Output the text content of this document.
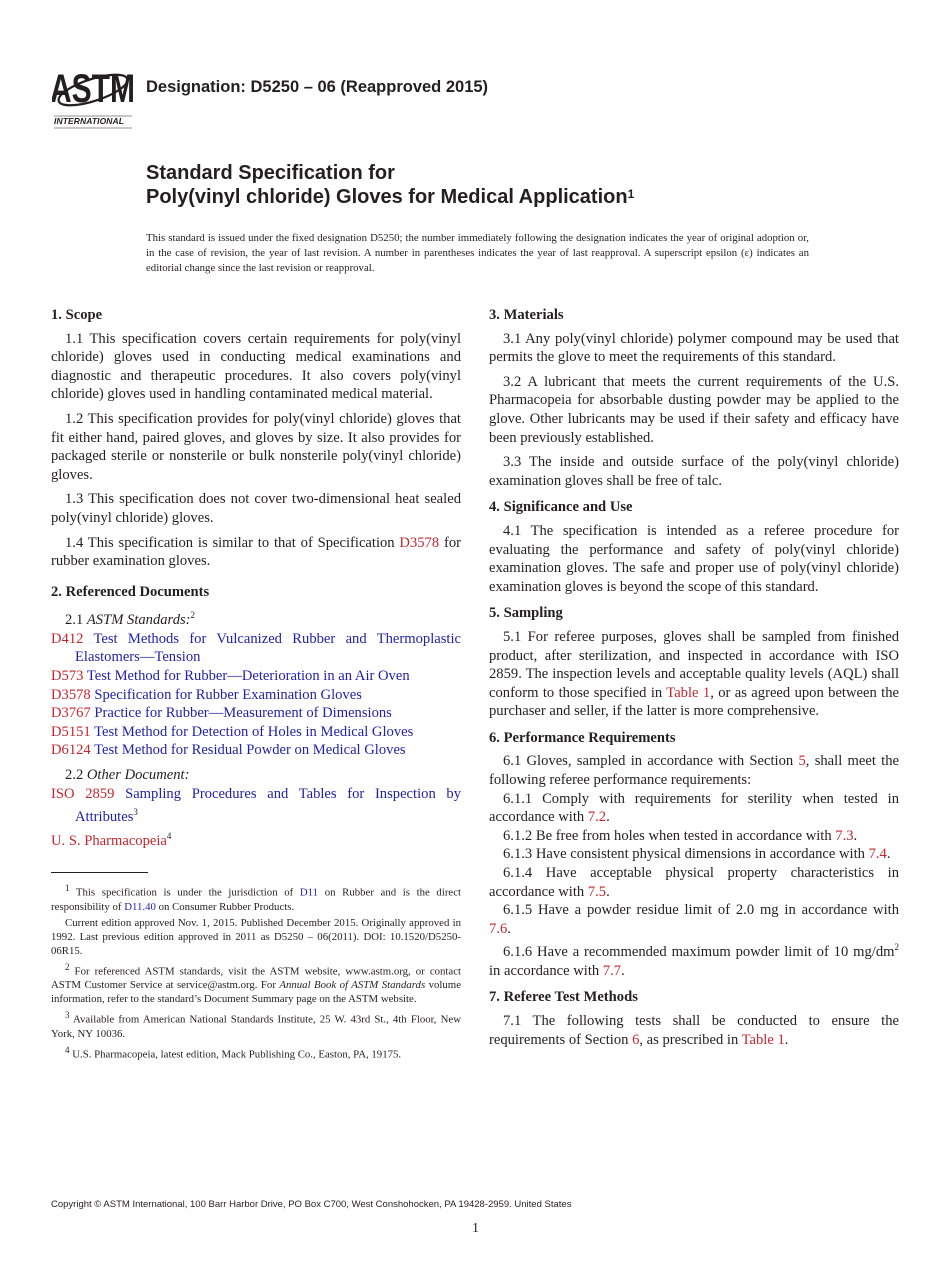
ASTM
INTERNATIONAL
Designation: D5250 – 06 (Reapproved 2015)
Standard Specification for
Poly(vinyl chloride) Gloves for Medical Application$^1$
This standard is issued under the fixed designation D5250; the number immediately following the designation indicates the year of original adoption or, in the case of revision, the year of last revision. A number in parentheses indicates the year of last reapproval. A superscript epsilon (ε) indicates an editorial change since the last revision or reapproval.
1. Scope

1.1 This specification covers certain requirements for poly(vinyl chloride) gloves used in conducting medical examinations and diagnostic and therapeutic procedures. It also covers poly(vinyl chloride) gloves used in handling contaminated medical material.

1.2 This specification provides for poly(vinyl chloride) gloves that fit either hand, paired gloves, and gloves by size. It also provides for packaged sterile or nonsterile or bulk nonsterile poly(vinyl chloride) gloves.

1.3 This specification does not cover two-dimensional heat sealed poly(vinyl chloride) gloves.

1.4 This specification is similar to that of Specification D3578 for rubber examination gloves.

2. Referenced Documents
2.1 ASTM Standards:$^2$
D412 Test Methods for Vulcanized Rubber and Thermoplastic Elastomers—Tension
D573 Test Method for Rubber—Deterioration in an Air Oven
D3578 Specification for Rubber Examination Gloves
D3767 Practice for Rubber—Measurement of Dimensions
D5151 Test Method for Detection of Holes in Medical Gloves
D6124 Test Method for Residual Powder on Medical Gloves
2.2 Other Document:
ISO 2859 Sampling Procedures and Tables for Inspection by Attributes$^3$
U. S. Pharmacopeia$^4$
$^1$ This specification is under the jurisdiction of D11 on Rubber and is the direct responsibility of D11.40 on Consumer Rubber Products.
Current edition approved Nov. 1, 2015. Published December 2015. Originally approved in 1992. Last previous edition approved in 2011 as D5250 – 06(2011). DOI: 10.1520/D5250-06R15.
$^2$ For referenced ASTM standards, visit the ASTM website, www.astm.org, or contact ASTM Customer Service at service@astm.org. For Annual Book of ASTM Standards volume information, refer to the standard’s Document Summary page on the ASTM website.
$^3$ Available from American National Standards Institute, 25 W. 43rd St., 4th Floor, New York, NY 10036.
$^4$ U.S. Pharmacopeia, latest edition, Mack Publishing Co., Easton, PA, 19175.
3. Materials

3.1 Any poly(vinyl chloride) polymer compound may be used that permits the glove to meet the requirements of this standard.

3.2 A lubricant that meets the current requirements of the U.S. Pharmacopeia for absorbable dusting powder may be applied to the glove. Other lubricants may be used if their safety and efficacy have been previously established.

3.3 The inside and outside surface of the poly(vinyl chloride) examination gloves shall be free of talc.

4. Significance and Use

4.1 The specification is intended as a referee procedure for evaluating the performance and safety of poly(vinyl chloride) examination gloves. The safe and proper use of poly(vinyl chloride) examination gloves is beyond the scope of this standard.

5. Sampling

5.1 For referee purposes, gloves shall be sampled from finished product, after sterilization, and inspected in accordance with ISO 2859. The inspection levels and acceptable quality levels (AQL) shall conform to those specified in Table 1, or as agreed upon between the purchaser and seller, if the latter is more comprehensive.

6. Performance Requirements

6.1 Gloves, sampled in accordance with Section 5, shall meet the following referee performance requirements:

6.1.1 Comply with requirements for sterility when tested in accordance with 7.2.

6.1.2 Be free from holes when tested in accordance with 7.3.

6.1.3 Have consistent physical dimensions in accordance with 7.4.

6.1.4 Have acceptable physical property characteristics in accordance with 7.5.

6.1.5 Have a powder residue limit of 2.0 mg in accordance with 7.6.

6.1.6 Have a recommended maximum powder limit of 10 $mg/dm^2$ in accordance with 7.7.

7. Referee Test Methods

7.1 The following tests shall be conducted to ensure the requirements of Section 6, as prescribed in Table 1.

Copyright © ASTM International, 100 Barr Harbor Drive, PO Box C700, West Conshohocken, PA 19428-2959. United States
1
